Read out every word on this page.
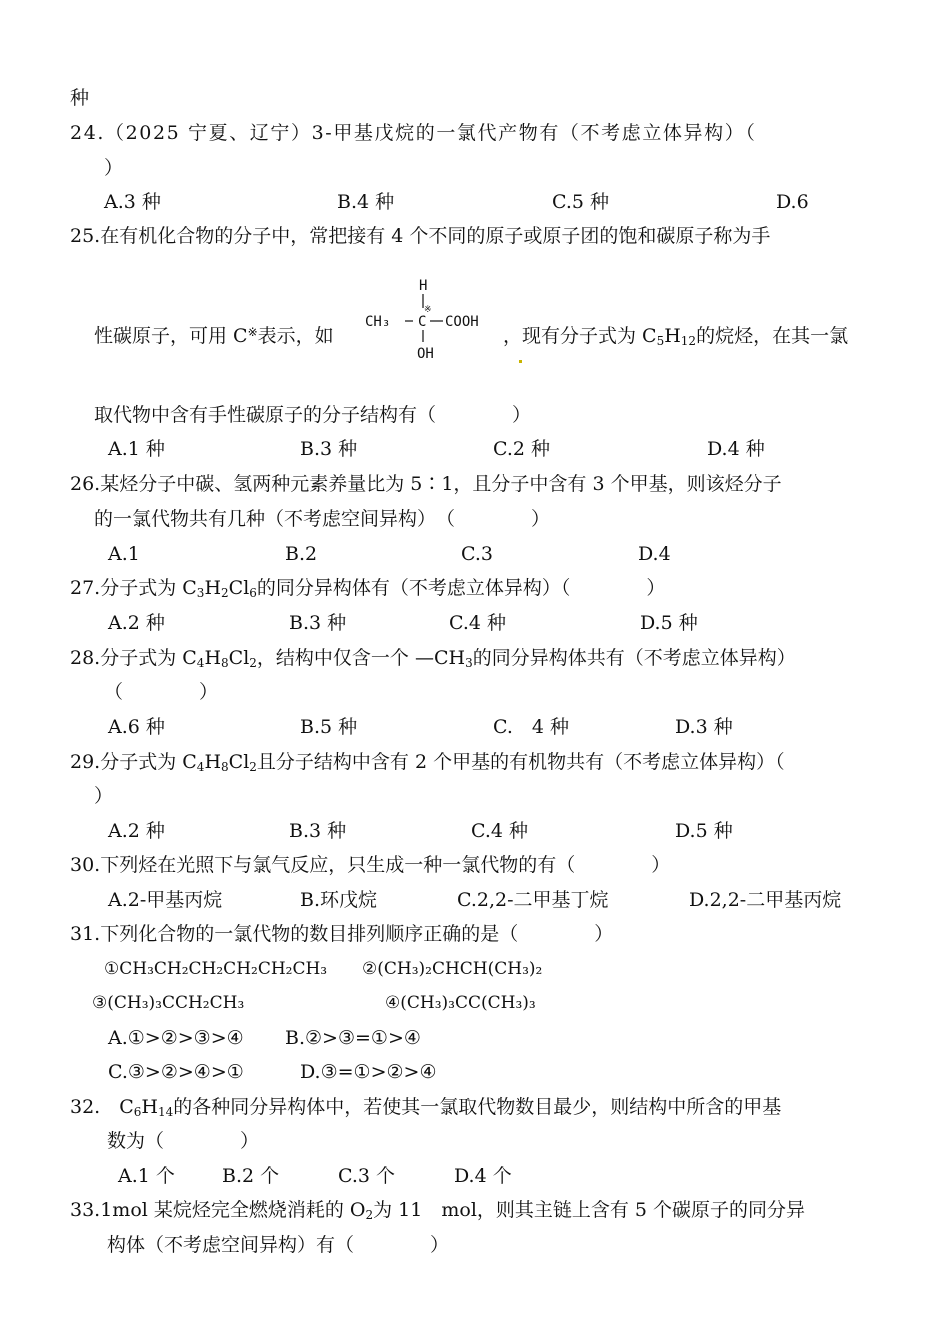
种
24.（2025 宁夏、辽宁）3-甲基戊烷的一氯代产物有（不考虑立体异构）（
）
A.3 种	B.4 种	C.5 种	D.6
25.在有机化合物的分子中，常把接有 4 个不同的原子或原子团的饱和碳原子称为手
性碳原子，可用 C※表示，如
H
CH₃ C
※
COOH
OH
，现有分子式为 $C_5H_{12}$的烷烃，在其一氯
取代物中含有手性碳原子的分子结构有（　　　　）
A.1 种	B.3 种	C.2 种	D.4 种
26.某烃分子中碳、氢两种元素养量比为 5∶1，且分子中含有 3 个甲基，则该烃分子
的一氯代物共有几种（不考虑空间异构）　（　　　　）
A.1	B.2	C.3	D.4
27.分子式为 $C_3H_2Cl_6$的同分异构体有（不考虑立体异构）（　　　　）
A.2 种	B.3 种	C.4 种	D.5 种
28.分子式为 $C_4H_8Cl_2$，结构中仅含一个 $—CH_3$的同分异构体共有（不考虑立体异构）
（　　　　）
A.6 种	B.5 种	C.　4 种	D.3 种
29.分子式为 $C_4H_8Cl_2$且分子结构中含有 2 个甲基的有机物共有（不考虑立体异构）（
）
A.2 种	B.3 种	C.4 种	D.5 种
30.下列烃在光照下与氯气反应，只生成一种一氯代物的有（　　　　）
A.2-甲基丙烷	B.环戊烷	C.2,2-二甲基丁烷	D.2,2-二甲基丙烷
31.下列化合物的一氯代物的数目排列顺序正确的是（　　　　）
①CH₃CH₂CH₂CH₂CH₂CH₃ ②(CH₃)₂CHCH(CH₃)₂
③(CH₃)₃CCH₂CH₃	④(CH₃)₃CC(CH₃)₃
A.①>②>③>④ B.②>③=①>④
C.③>②>④>①	D.③=①>②>④
32.　$C_6H_{14}$的各种同分异构体中，若使其一氯取代物数目最少，则结构中所含的甲基
数为（　　　　）
A.1 个 B.2 个	C.3 个	D.4 个
33.1mol 某烷烃完全燃烧消耗的 $O_2$为 11　mol，则其主链上含有 5 个碳原子的同分异
构体（不考虑空间异构）有（　　　　）
